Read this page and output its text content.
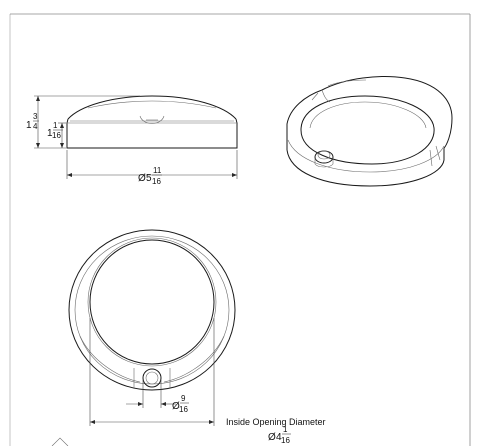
1
3
4
1
1
16
Ø 5
11
16
Ø
9
16
Inside Opening Diameter
Ø 4
1
16
